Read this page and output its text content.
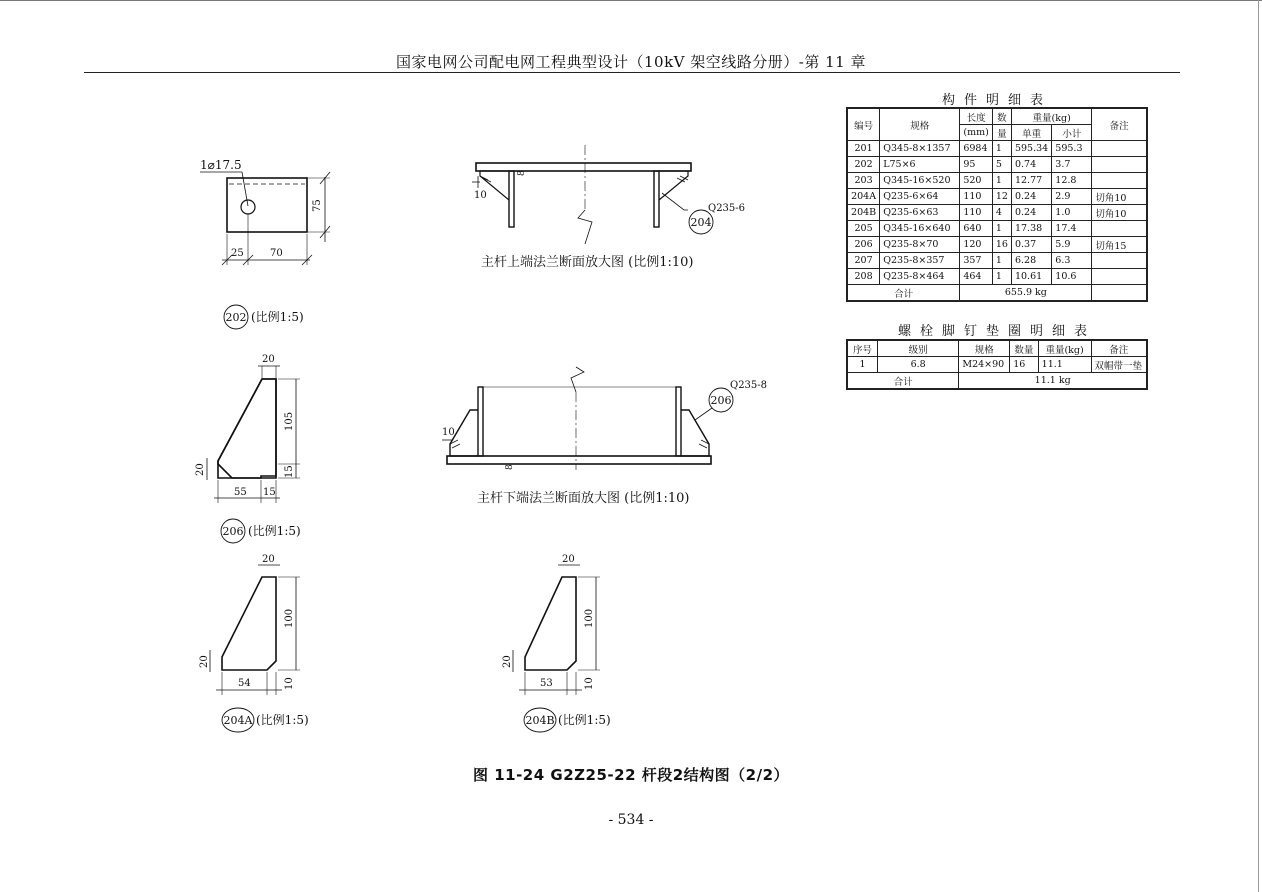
国家电网公司配电网工程典型设计（10kV 架空线路分册）-第 11 章
构件明细表
编号	规格	长度	数	重量(kg)		备注
		(mm)	量	单重	小计	
201	Q345-8×1357	6984	1	595.34	595.3	
202	L75×6	95	5	0.74	3.7	
203	Q345-16×520	520	1	12.77	12.8	
204A	Q235-6×64	110	12	0.24	2.9	切角10
204B	Q235-6×63	110	4	0.24	1.0	切角10
205	Q345-16×640	640	1	17.38	17.4	
206	Q235-8×70	120	16	0.37	5.9	切角15
207	Q235-8×357	357	1	6.28	6.3	
208	Q235-8×464	464	1	10.61	10.6	
合计		655.9 kg				
螺栓脚钉垫圈明细表
序号	级别	规格	数量	重量(kg)	备注
1	6.8	M24×90	16	11.1	双帽带一垫
合计		11.1 kg			
1⌀17.5
75
25	70
202 (比例1:5)
20
105
15
20
55 15
206 (比例1:5)
20
100
20
54	10
204A (比例1:5)
20
100
20
53	10
204B (比例1:5)
10
8
Q235-6
204
主杆上端法兰断面放大图 (比例1:10)
10
8
Q235-8
206
主杆下端法兰断面放大图 (比例1:10)
图 11-24 G2Z25-22 杆段2结构图（2/2）
- 534 -
